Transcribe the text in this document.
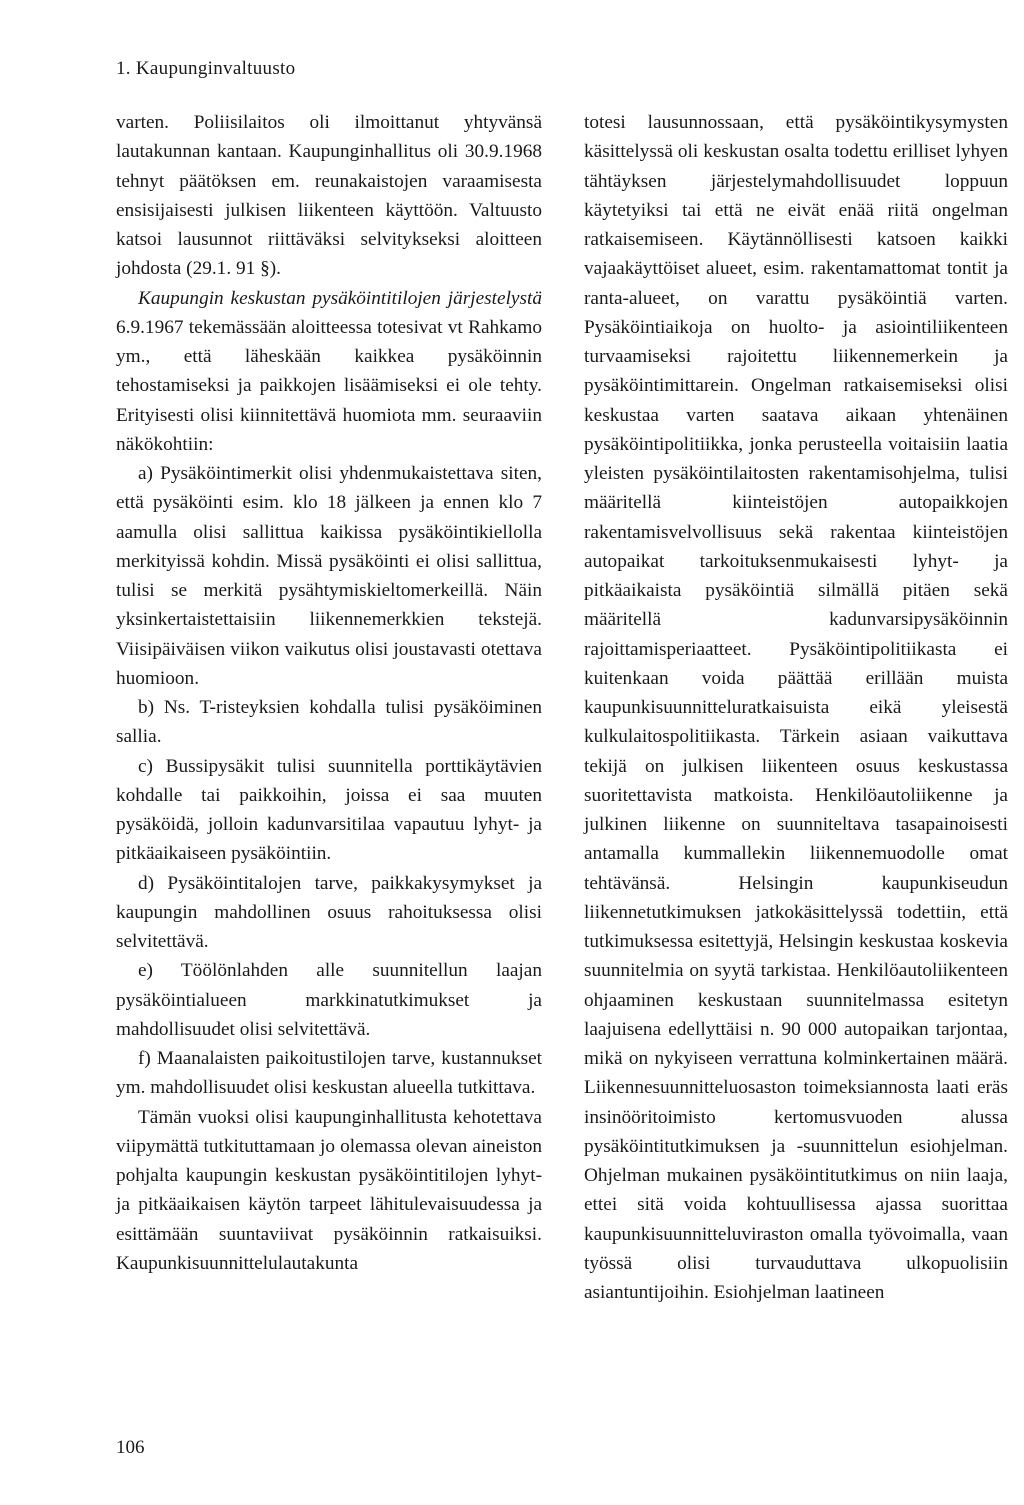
1. Kaupunginvaltuusto

varten. Poliisilaitos oli ilmoittanut yhtyvänsä lautakunnan kantaan. Kaupunginhallitus oli 30.9.1968 tehnyt päätöksen em. reunakaistojen varaamisesta ensisijaisesti julkisen liikenteen käyttöön. Valtuusto katsoi lausunnot riittäväksi selvitykseksi aloitteen johdosta (29.1. 91 §).

Kaupungin keskustan pysäköintitilojen järjestelystä 6.9.1967 tekemässään aloitteessa totesivat vt Rahkamo ym., että läheskään kaikkea pysäköinnin tehostamiseksi ja paikkojen lisäämiseksi ei ole tehty. Erityisesti olisi kiinnitettävä huomiota mm. seuraaviin näkökohtiin:

a) Pysäköintimerkit olisi yhdenmukaistettava siten, että pysäköinti esim. klo 18 jälkeen ja ennen klo 7 aamulla olisi sallittua kaikissa pysäköintikiellolla merkityissä kohdin. Missä pysäköinti ei olisi sallittua, tulisi se merkitä pysähtymiskieltomerkeillä. Näin yksinkertaistettaisiin liikennemerkkien tekstejä. Viisipäiväisen viikon vaikutus olisi joustavasti otettava huomioon.

b) Ns. T-risteyksien kohdalla tulisi pysäköiminen sallia.

c) Bussipysäkit tulisi suunnitella porttikäytävien kohdalle tai paikkoihin, joissa ei saa muuten pysäköidä, jolloin kadunvarsitilaa vapautuu lyhyt- ja pitkäaikaiseen pysäköintiin.

d) Pysäköintitalojen tarve, paikkakysymykset ja kaupungin mahdollinen osuus rahoituksessa olisi selvitettävä.

e) Töölönlahden alle suunnitellun laajan pysäköintialueen markkinatutkimukset ja mahdollisuudet olisi selvitettävä.

f) Maanalaisten paikoitustilojen tarve, kustannukset ym. mahdollisuudet olisi keskustan alueella tutkittava.

Tämän vuoksi olisi kaupunginhallitusta kehotettava viipymättä tutkituttamaan jo olemassa olevan aineiston pohjalta kaupungin keskustan pysäköintitilojen lyhyt- ja pitkäaikaisen käytön tarpeet lähitulevaisuudessa ja esittämään suuntaviivat pysäköinnin ratkaisuiksi. Kaupunkisuunnittelulautakunta

totesi lausunnossaan, että pysäköintikysymysten käsittelyssä oli keskustan osalta todettu erilliset lyhyen tähtäyksen järjestelymahdollisuudet loppuun käytetyiksi tai että ne eivät enää riitä ongelman ratkaisemiseen. Käytännöllisesti katsoen kaikki vajaakäyttöiset alueet, esim. rakentamattomat tontit ja ranta-alueet, on varattu pysäköintiä varten. Pysäköintiaikoja on huolto- ja asiointiliikenteen turvaamiseksi rajoitettu liikennemerkein ja pysäköintimittarein. Ongelman ratkaisemiseksi olisi keskustaa varten saatava aikaan yhtenäinen pysäköintipolitiikka, jonka perusteella voitaisiin laatia yleisten pysäköintilaitosten rakentamisohjelma, tulisi määritellä kiinteistöjen autopaikkojen rakentamisvelvollisuus sekä rakentaa kiinteistöjen autopaikat tarkoituksenmukaisesti lyhyt- ja pitkäaikaista pysäköintiä silmällä pitäen sekä määritellä kadunvarsipysäköinnin rajoittamisperiaatteet. Pysäköintipolitiikasta ei kuitenkaan voida päättää erillään muista kaupunkisuunnitteluratkaisuista eikä yleisestä kulkulaitospolitiikasta. Tärkein asiaan vaikuttava tekijä on julkisen liikenteen osuus keskustassa suoritettavista matkoista. Henkilöautoliikenne ja julkinen liikenne on suunniteltava tasapainoisesti antamalla kummallekin liikennemuodolle omat tehtävänsä. Helsingin kaupunkiseudun liikennetutkimuksen jatkokäsittelyssä todettiin, että tutkimuksessa esitettyjä, Helsingin keskustaa koskevia suunnitelmia on syytä tarkistaa. Henkilöautoliikenteen ohjaaminen keskustaan suunnitelmassa esitetyn laajuisena edellyttäisi n. 90 000 autopaikan tarjontaa, mikä on nykyiseen verrattuna kolminkertainen määrä. Liikennesuunnitteluosaston toimeksiannosta laati eräs insinööritoimisto kertomusvuoden alussa pysäköintitutkimuksen ja -suunnittelun esiohjelman. Ohjelman mukainen pysäköintitutkimus on niin laaja, ettei sitä voida kohtuullisessa ajassa suorittaa kaupunkisuunnitteluviraston omalla työvoimalla, vaan työssä olisi turvauduttava ulkopuolisiin asiantuntijoihin. Esiohjelman laatineen

106
